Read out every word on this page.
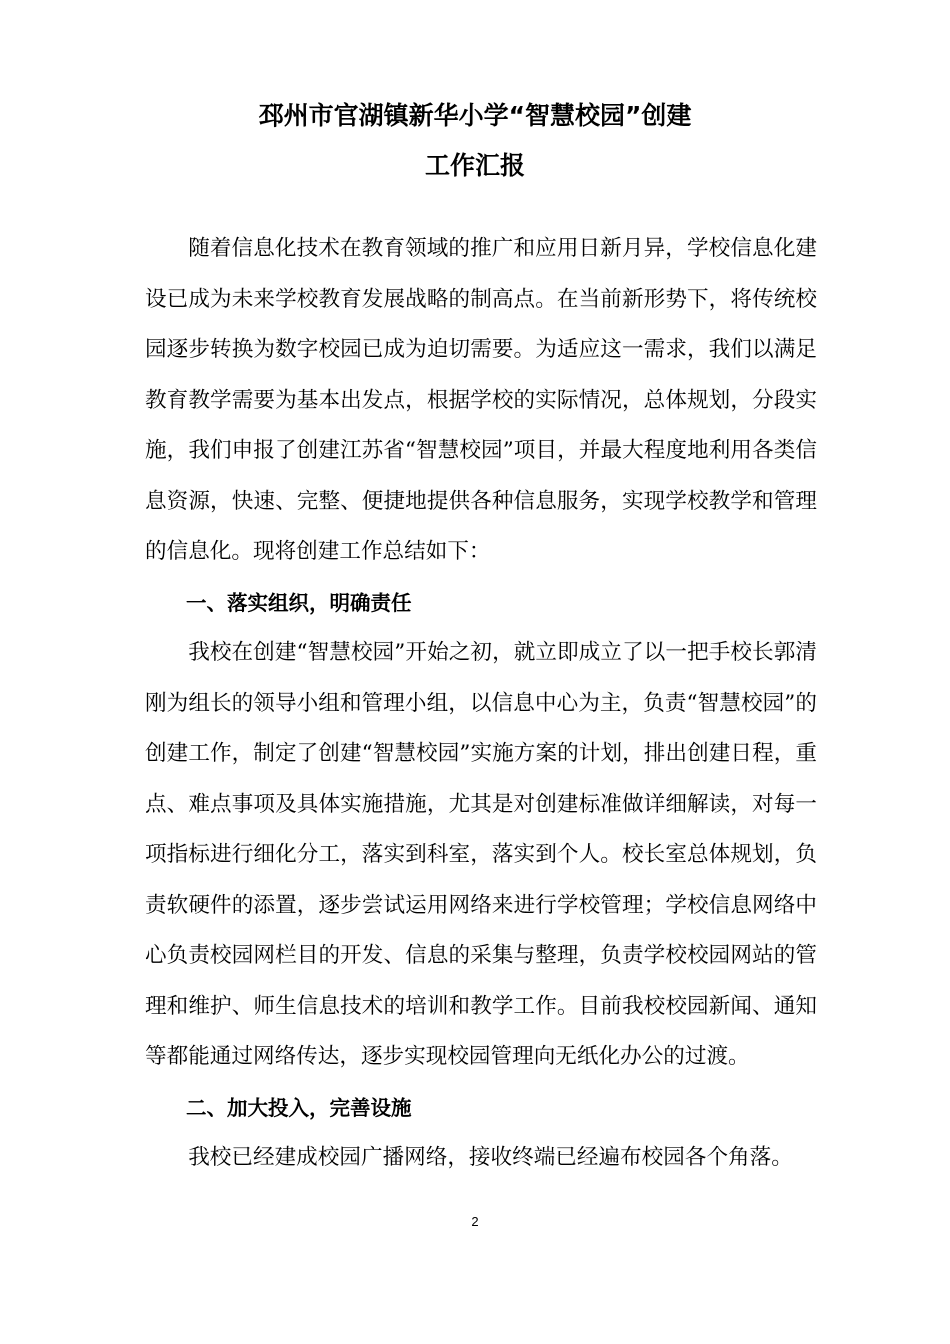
邳州市官湖镇新华小学“智慧校园”创建
工作汇报

随着信息化技术在教育领域的推广和应用日新月异，学校信息化建设已成为未来学校教育发展战略的制高点。在当前新形势下，将传统校园逐步转换为数字校园已成为迫切需要。为适应这一需求，我们以满足教育教学需要为基本出发点，根据学校的实际情况，总体规划，分段实施，我们申报了创建江苏省“智慧校园”项目，并最大程度地利用各类信息资源，快速、完整、便捷地提供各种信息服务，实现学校教学和管理的信息化。现将创建工作总结如下：

一、落实组织，明确责任

我校在创建“智慧校园”开始之初，就立即成立了以一把手校长郭清刚为组长的领导小组和管理小组，以信息中心为主，负责“智慧校园”的创建工作，制定了创建“智慧校园”实施方案的计划，排出创建日程，重点、难点事项及具体实施措施，尤其是对创建标准做详细解读，对每一项指标进行细化分工，落实到科室，落实到个人。校长室总体规划，负责软硬件的添置，逐步尝试运用网络来进行学校管理；学校信息网络中心负责校园网栏目的开发、信息的采集与整理，负责学校校园网站的管理和维护、师生信息技术的培训和教学工作。目前我校校园新闻、通知等都能通过网络传达，逐步实现校园管理向无纸化办公的过渡。

二、加大投入，完善设施

我校已经建成校园广播网络，接收终端已经遍布校园各个角落。

2
